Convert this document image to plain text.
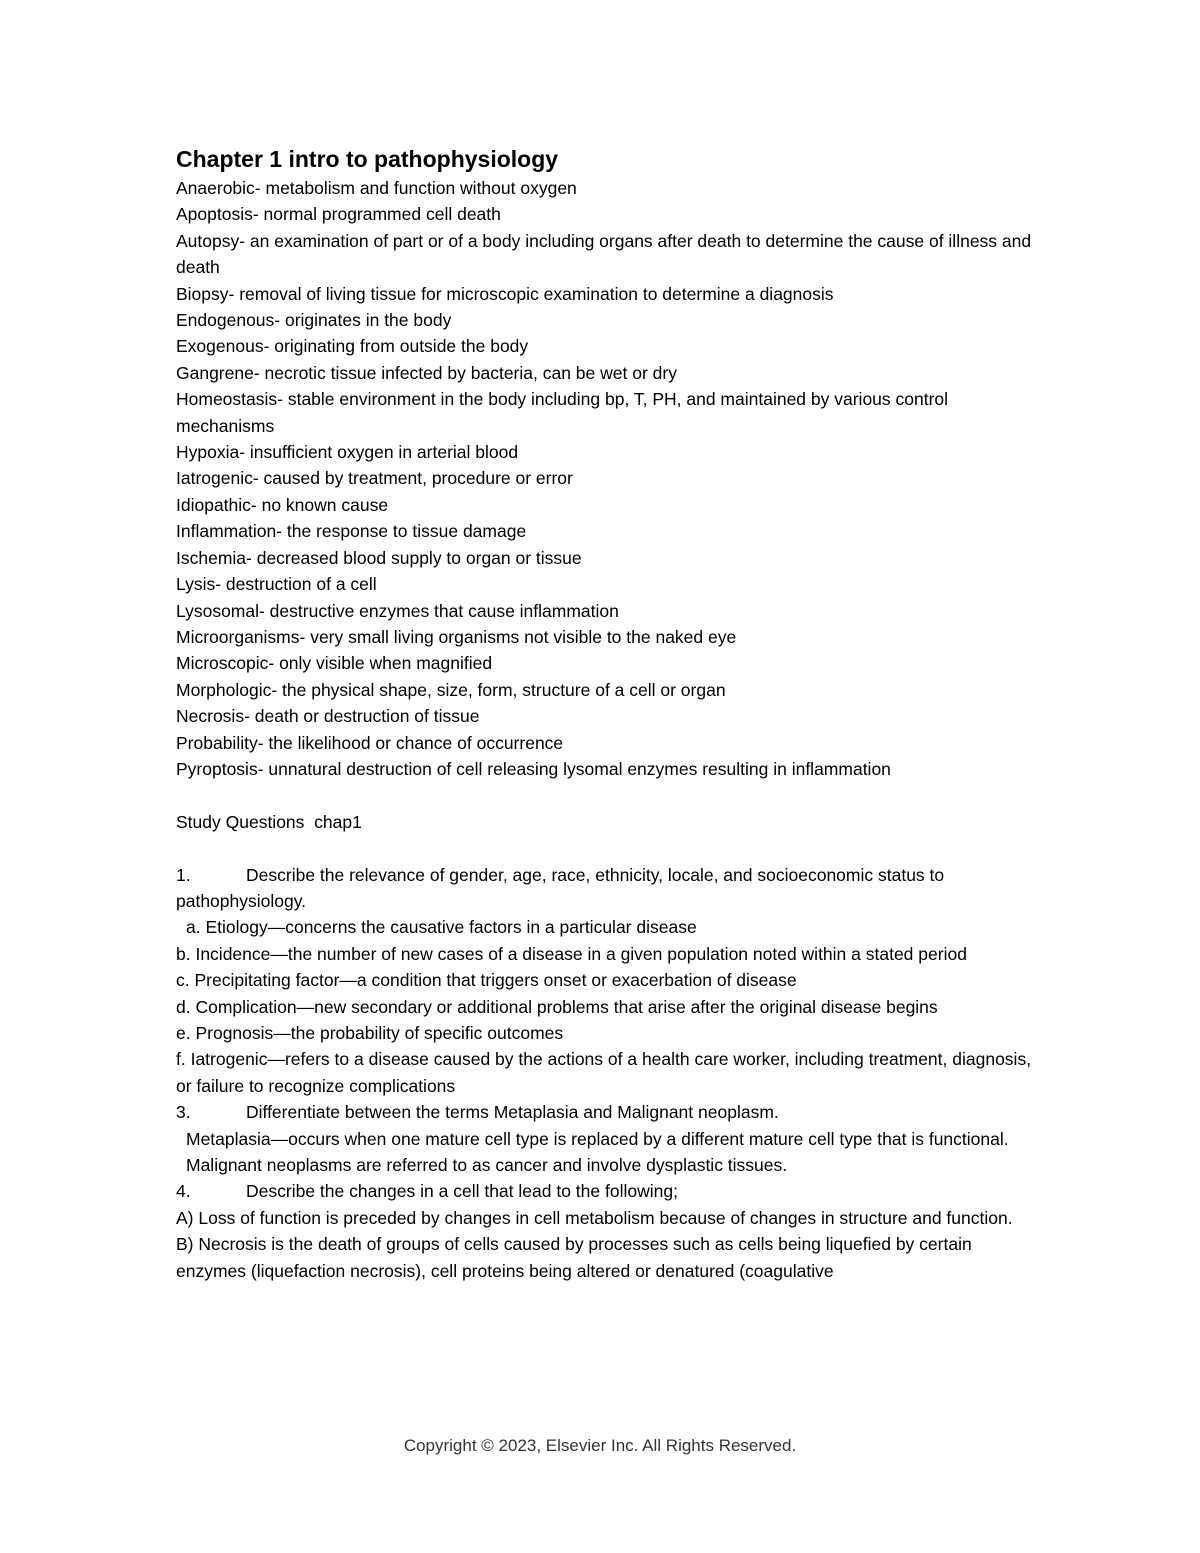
Chapter 1 intro to pathophysiology
Anaerobic- metabolism and function without oxygen
Apoptosis- normal programmed cell death
Autopsy- an examination of part or of a body including organs after death to determine the cause of illness and death
Biopsy- removal of living tissue for microscopic examination to determine a diagnosis
Endogenous- originates in the body
Exogenous- originating from outside the body
Gangrene- necrotic tissue infected by bacteria, can be wet or dry
Homeostasis- stable environment in the body including bp, T, PH, and maintained by various control mechanisms
Hypoxia- insufficient oxygen in arterial blood
Iatrogenic- caused by treatment, procedure or error
Idiopathic- no known cause
Inflammation- the response to tissue damage
Ischemia- decreased blood supply to organ or tissue
Lysis- destruction of a cell
Lysosomal- destructive enzymes that cause inflammation
Microorganisms- very small living organisms not visible to the naked eye
Microscopic- only visible when magnified
Morphologic- the physical shape, size, form, structure of a cell or organ
Necrosis- death or destruction of tissue
Probability- the likelihood or chance of occurrence
Pyroptosis- unnatural destruction of cell releasing lysomal enzymes resulting in inflammation
Study Questions  chap1
1.	Describe the relevance of gender, age, race, ethnicity, locale, and socioeconomic status to pathophysiology.
a. Etiology—concerns the causative factors in a particular disease
b. Incidence—the number of new cases of a disease in a given population noted within a stated period
c. Precipitating factor—a condition that triggers onset or exacerbation of disease
d. Complication—new secondary or additional problems that arise after the original disease begins
e. Prognosis—the probability of specific outcomes
f. Iatrogenic—refers to a disease caused by the actions of a health care worker, including treatment, diagnosis, or failure to recognize complications
3.	Differentiate between the terms Metaplasia and Malignant neoplasm.
Metaplasia—occurs when one mature cell type is replaced by a different mature cell type that is functional. Malignant neoplasms are referred to as cancer and involve dysplastic tissues.
4.	Describe the changes in a cell that lead to the following;
A) Loss of function is preceded by changes in cell metabolism because of changes in structure and function.
B) Necrosis is the death of groups of cells caused by processes such as cells being liquefied by certain enzymes (liquefaction necrosis), cell proteins being altered or denatured (coagulative
Copyright © 2023, Elsevier Inc. All Rights Reserved.
